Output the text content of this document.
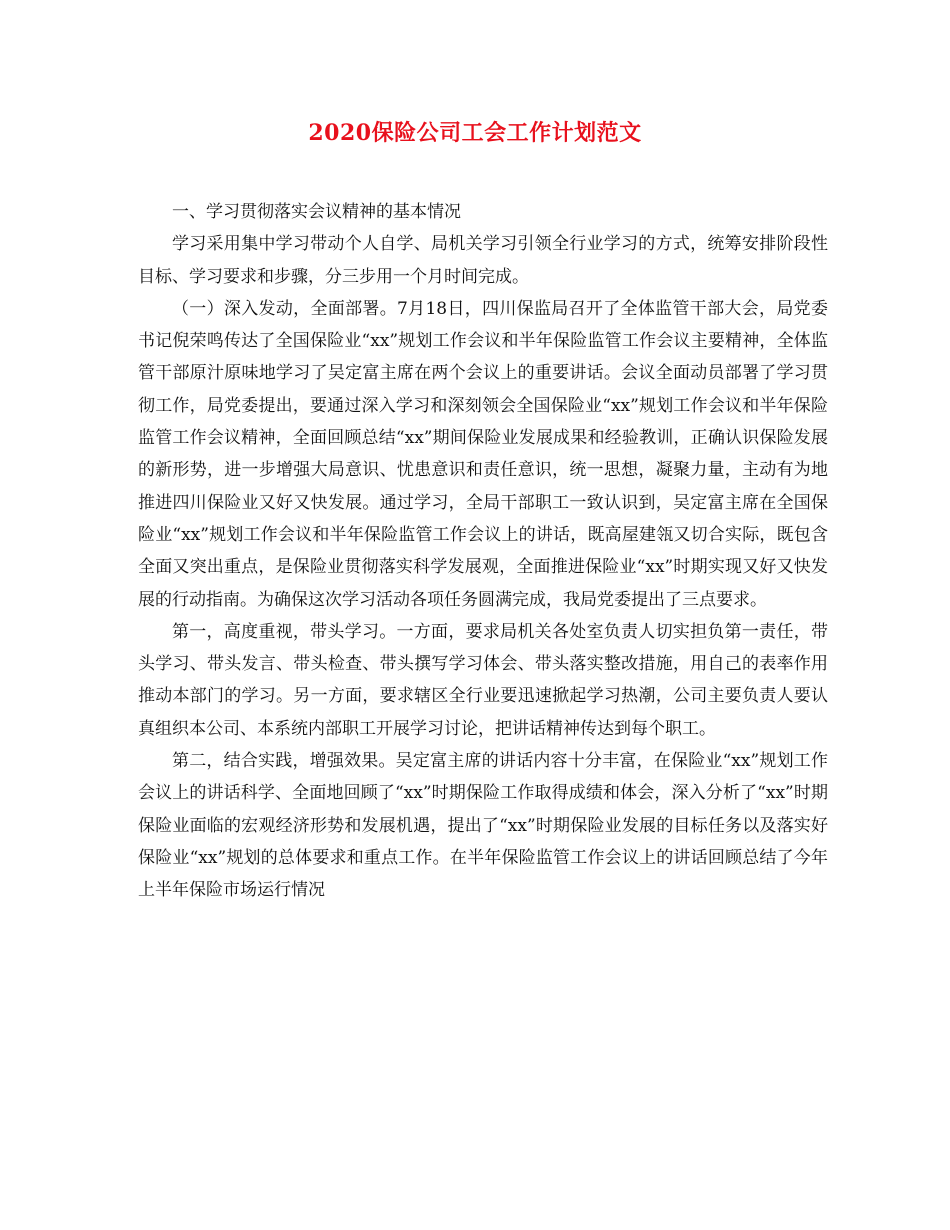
2020保险公司工会工作计划范文

一、学习贯彻落实会议精神的基本情况

学习采用集中学习带动个人自学、局机关学习引领全行业学习的方式，统筹安排阶段性目标、学习要求和步骤，分三步用一个月时间完成。

（一）深入发动，全面部署。7月18日，四川保监局召开了全体监管干部大会，局党委书记倪荣鸣传达了全国保险业“xx”规划工作会议和半年保险监管工作会议主要精神，全体监管干部原汁原味地学习了吴定富主席在两个会议上的重要讲话。会议全面动员部署了学习贯彻工作，局党委提出，要通过深入学习和深刻领会全国保险业“xx”规划工作会议和半年保险监管工作会议精神，全面回顾总结“xx”期间保险业发展成果和经验教训，正确认识保险发展的新形势，进一步增强大局意识、忧患意识和责任意识，统一思想，凝聚力量，主动有为地推进四川保险业又好又快发展。通过学习，全局干部职工一致认识到，吴定富主席在全国保险业“xx”规划工作会议和半年保险监管工作会议上的讲话，既高屋建瓴又切合实际，既包含全面又突出重点，是保险业贯彻落实科学发展观，全面推进保险业“xx”时期实现又好又快发展的行动指南。为确保这次学习活动各项任务圆满完成，我局党委提出了三点要求。

第一，高度重视，带头学习。一方面，要求局机关各处室负责人切实担负第一责任，带头学习、带头发言、带头检查、带头撰写学习体会、带头落实整改措施，用自己的表率作用推动本部门的学习。另一方面，要求辖区全行业要迅速掀起学习热潮，公司主要负责人要认真组织本公司、本系统内部职工开展学习讨论，把讲话精神传达到每个职工。

第二，结合实践，增强效果。吴定富主席的讲话内容十分丰富，在保险业“xx”规划工作会议上的讲话科学、全面地回顾了“xx”时期保险工作取得成绩和体会，深入分析了“xx”时期保险业面临的宏观经济形势和发展机遇，提出了“xx”时期保险业发展的目标任务以及落实好保险业“xx”规划的总体要求和重点工作。在半年保险监管工作会议上的讲话回顾总结了今年上半年保险市场运行情况
